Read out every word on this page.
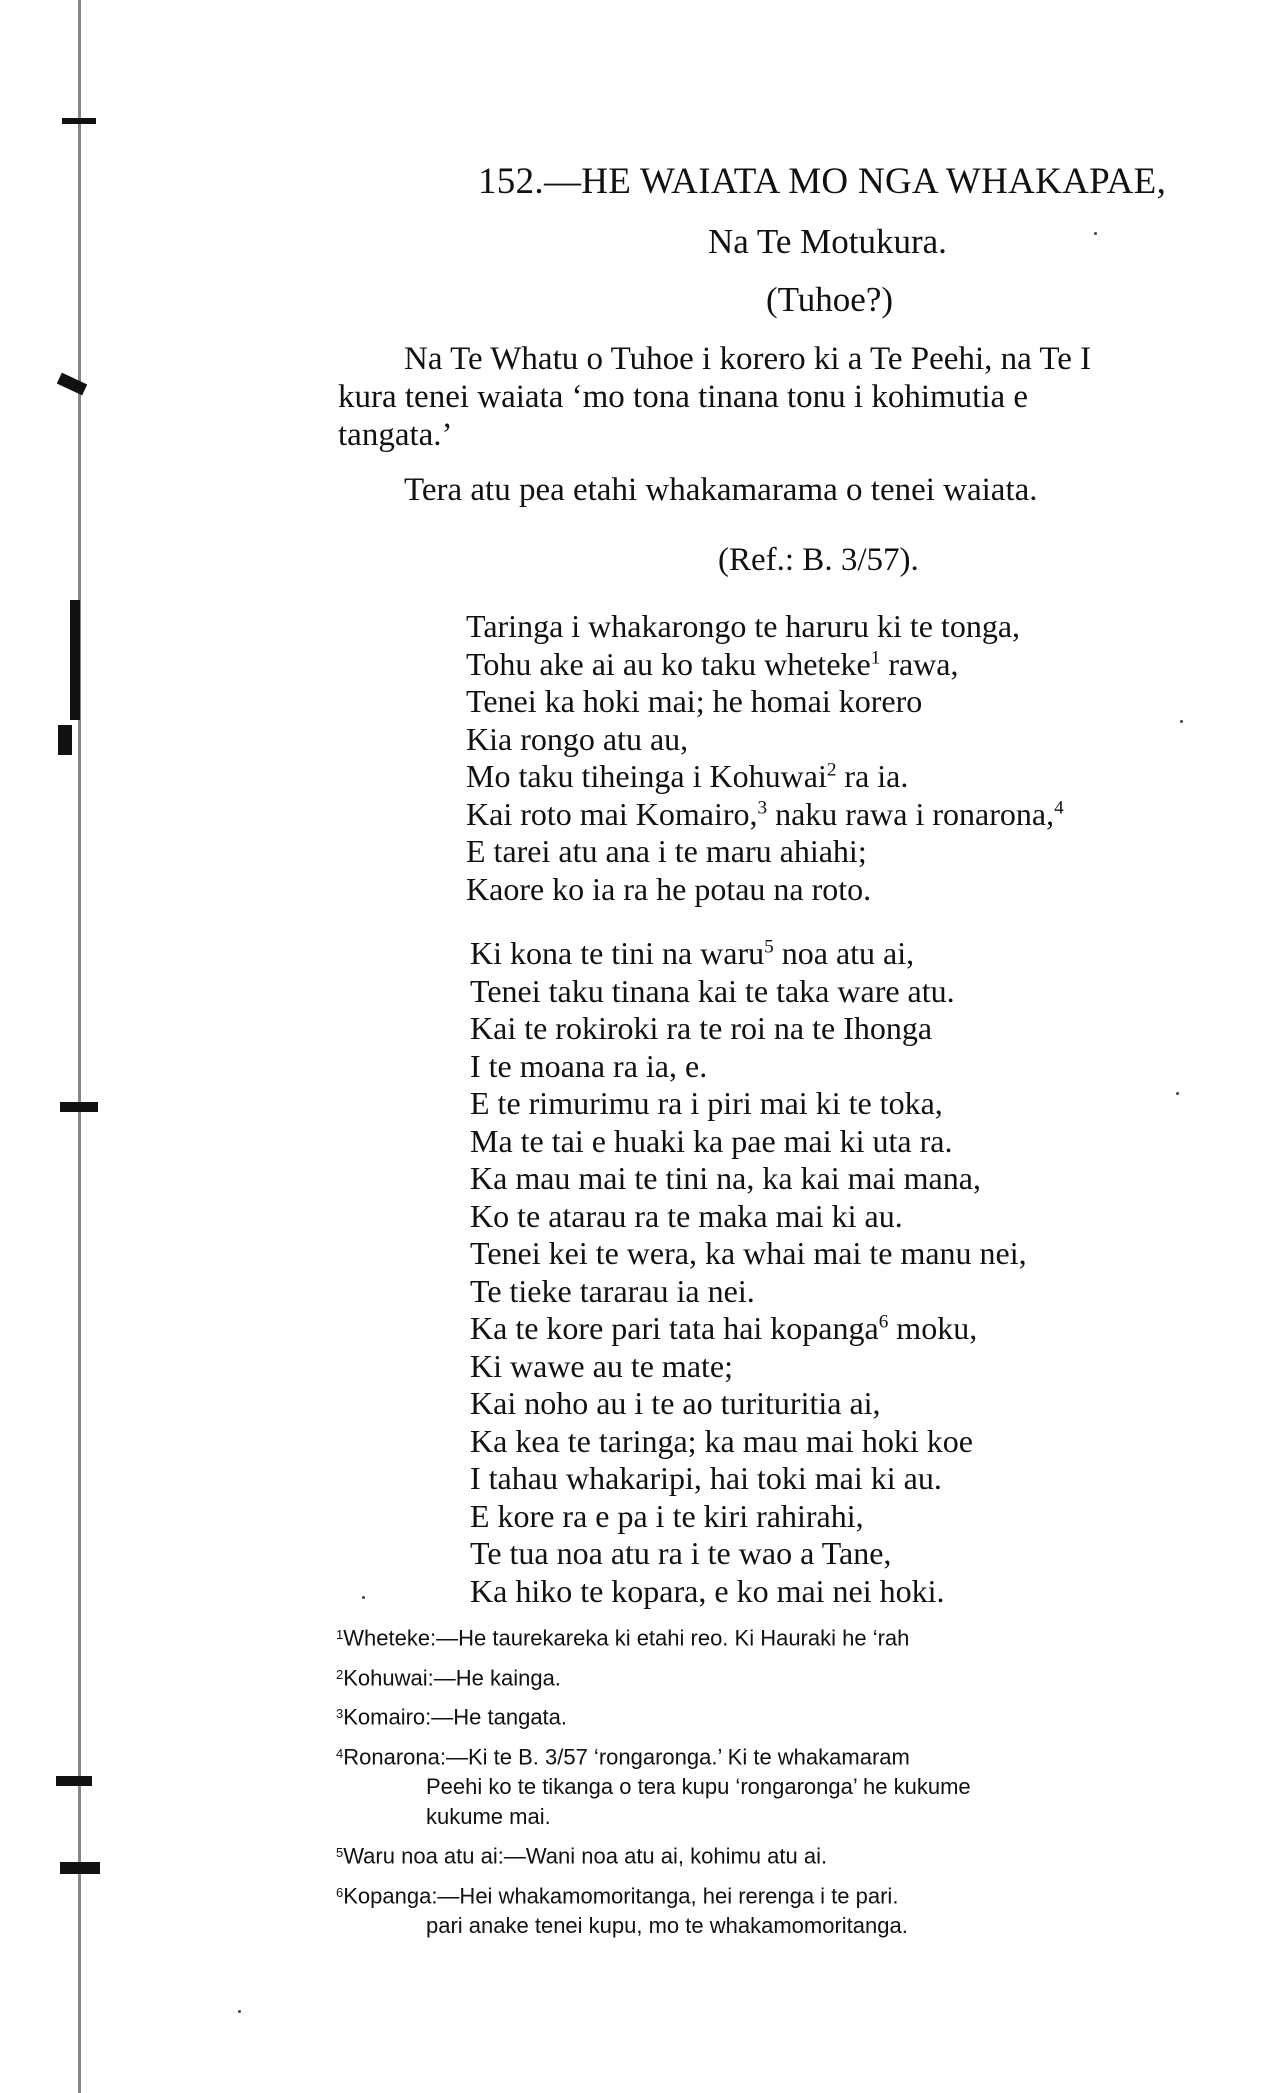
152.—HE WAIATA MO NGA WHAKAPAE,
Na Te Motukura.
(Tuhoe?)

Na Te Whatu o Tuhoe i korero ki a Te Peehi, na Te I

kura tenei waiata ‘mo tona tinana tonu i kohimutia e

tangata.’

Tera atu pea etahi whakamarama o tenei waiata.
(Ref.: B. 3/57).
Taringa i whakarongo te haruru ki te tonga,
Tohu ake ai au ko taku wheteke$^1$ rawa,
Tenei ka hoki mai; he homai korero
Kia rongo atu au,
Mo taku tiheinga i Kohuwai$^2$ ra ia.
Kai roto mai Komairo,$^3$ naku rawa i ronarona,$^4$
E tarei atu ana i te maru ahiahi;
Kaore ko ia ra he potau na roto.
Ki kona te tini na waru$^5$ noa atu ai,
Tenei taku tinana kai te taka ware atu.
Kai te rokiroki ra te roi na te Ihonga
I te moana ra ia, e.
E te rimurimu ra i piri mai ki te toka,
Ma te tai e huaki ka pae mai ki uta ra.
Ka mau mai te tini na, ka kai mai mana,
Ko te atarau ra te maka mai ki au.
Tenei kei te wera, ka whai mai te manu nei,
Te tieke tararau ia nei.
Ka te kore pari tata hai kopanga$^6$ moku,
Ki wawe au te mate;
Kai noho au i te ao turituritia ai,
Ka kea te taringa; ka mau mai hoki koe
I tahau whakaripi, hai toki mai ki au.
E kore ra e pa i te kiri rahirahi,
Te tua noa atu ra i te wao a Tane,
Ka hiko te kopara, e ko mai nei hoki.
$^1$Wheteke:—He taurekareka ki etahi reo. Ki Hauraki he ‘rah
$^2$Kohuwai:—He kainga.
$^3$Komairo:—He tangata.
$^4$Ronarona:—Ki te B. 3/57 ‘rongaronga.’ Ki te whakamaram
Peehi ko te tikanga o tera kupu ‘rongaronga’ he kukume
kukume mai.
$^5$Waru noa atu ai:—Wani noa atu ai, kohimu atu ai.
$^6$Kopanga:—Hei whakamomoritanga, hei rerenga i te pari.
pari anake tenei kupu, mo te whakamomoritanga.
